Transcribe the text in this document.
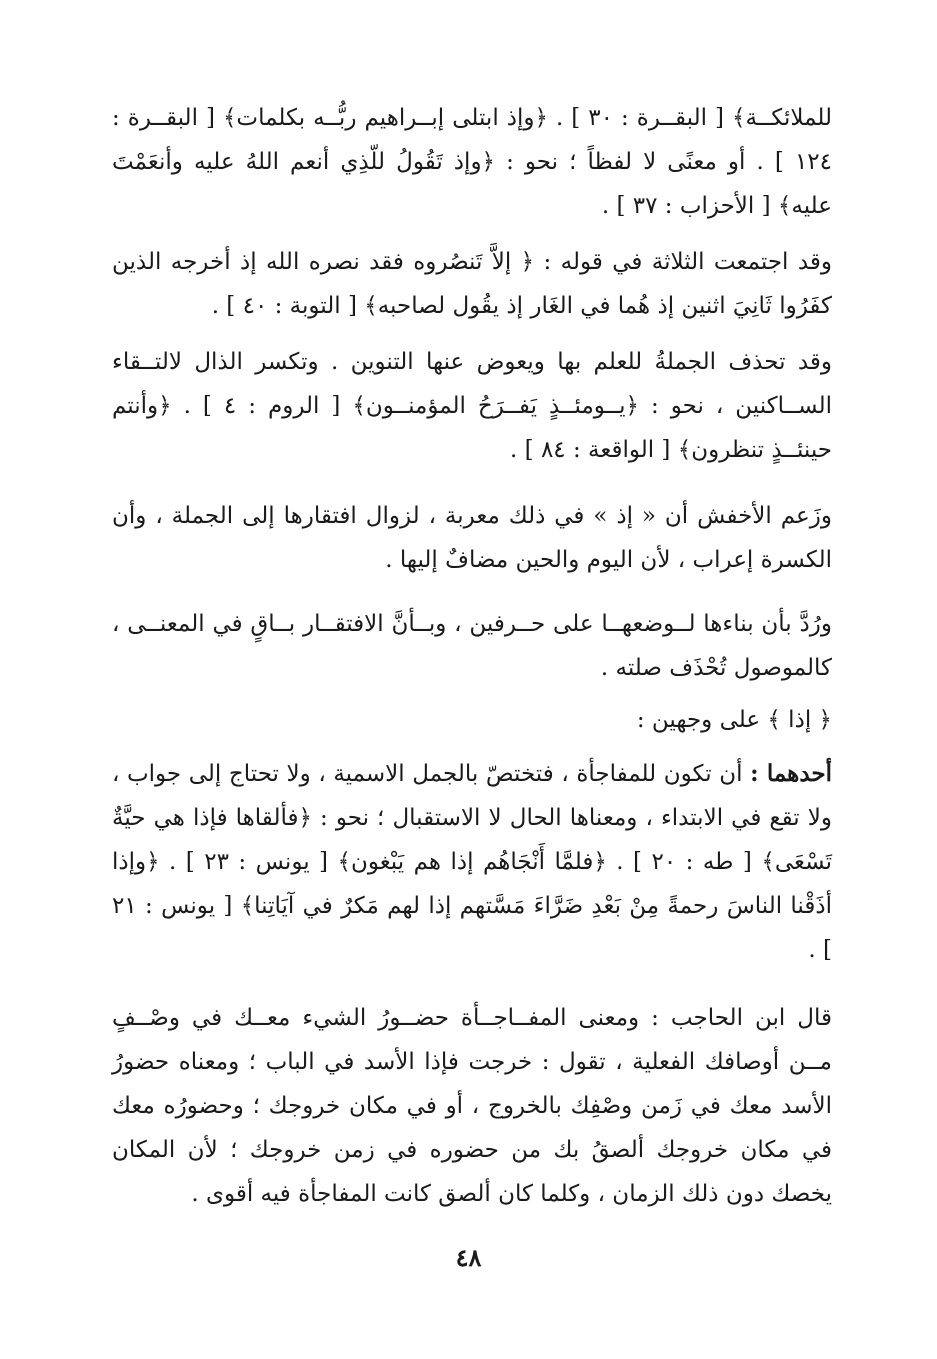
للملائكــة﴾ [ البقــرة : ٣٠ ] . ﴿وإذ ابتلى إبــراهيم ربُّــه بكلمات﴾ [ البقــرة : ١٢٤ ] . أو معنًى لا لفظاً ؛ نحو : ﴿وإذ تَقُولُ للّذِي أنعم اللهُ عليه وأنعَمْتَ عليه﴾ [ الأحزاب : ٣٧ ] .

وقد اجتمعت الثلاثة في قوله : ﴿ إلاَّ تَنصُروه فقد نصره الله إذ أخرجه الذين كفَرُوا ثَانِيَ اثنين إذ هُما في الغَار إذ يقُول لصاحبه﴾ [ التوبة : ٤٠ ] .

وقد تحذف الجملةُ للعلم بها ويعوض عنها التنوين . وتكسر الذال لالتــقاء الســاكنين ، نحو : ﴿يــومئــذٍ يَفــرَحُ المؤمنــون﴾ [ الروم : ٤ ] . ﴿وأنتم حينئــذٍ تنظرون﴾ [ الواقعة : ٨٤ ] .

وزَعم الأخفش أن « إذ » في ذلك معربة ، لزوال افتقارها إلى الجملة ، وأن الكسرة إعراب ، لأن اليوم والحين مضافٌ إليها .

ورُدَّ بأن بناءها لــوضعهــا على حــرفين ، وبــأنَّ الافتقــار بــاقٍ في المعنــى ، كالموصول تُحْذَف صلته .

﴿ إذا ﴾ على وجهين :

أحدهما : أن تكون للمفاجأة ، فتختصّ بالجمل الاسمية ، ولا تحتاج إلى جواب ، ولا تقع في الابتداء ، ومعناها الحال لا الاستقبال ؛ نحو : ﴿فألقاها فإذا هي حيَّةٌ تَسْعَى﴾ [ طه : ٢٠ ] . ﴿فلمَّا أَنْجَاهُم إذا هم يَبْغون﴾ [ يونس : ٢٣ ] . ﴿وإذا أذَقْنا الناسَ رحمةً مِنْ بَعْدِ ضَرَّاءَ مَسَّتهم إذا لهم مَكرٌ في آيَاتِنا﴾ [ يونس : ٢١ ] .

قال ابن الحاجب : ومعنى المفــاجــأة حضــورُ الشيء معــك في وصْــفٍ مــن أوصافك الفعلية ، تقول : خرجت فإذا الأسد في الباب ؛ ومعناه حضورُ الأسد معك في زَمن وصْفِك بالخروج ، أو في مكان خروجك ؛ وحضورُه معك في مكان خروجك ألصقُ بك من حضوره في زمن خروجك ؛ لأن المكان يخصك دون ذلك الزمان ، وكلما كان ألصق كانت المفاجأة فيه أقوى .

٤٨
